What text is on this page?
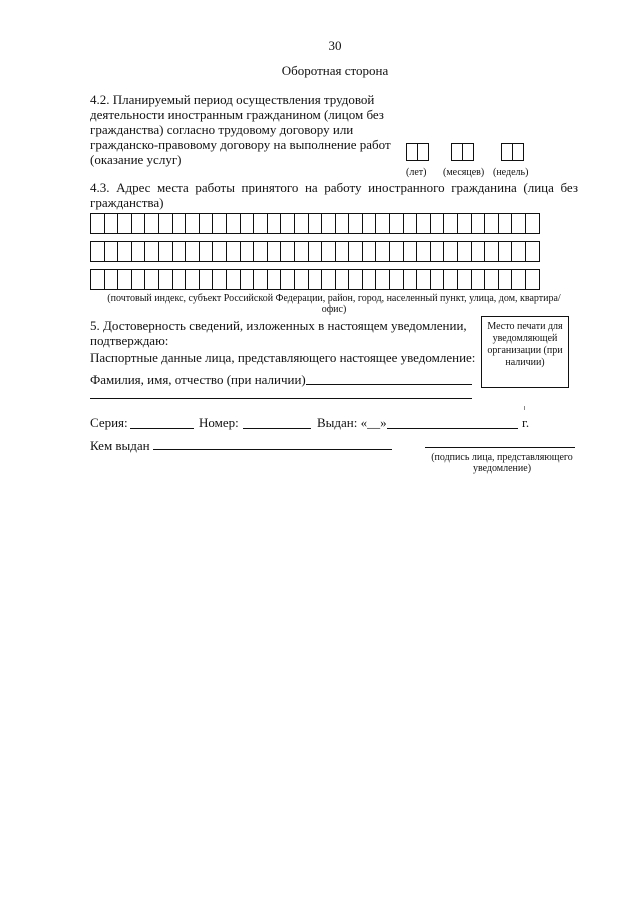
30
Оборотная сторона
4.2. Планируемый период осуществления трудовой деятельности иностранным гражданином (лицом без гражданства) согласно трудовому договору или гражданско-правовому договору на выполнение работ (оказание услуг)
(лет) (месяцев) (недель)
4.3. Адрес места работы принятого на работу иностранного гражданина (лица без гражданства)
(почтовый индекс, субъект Российской Федерации, район, город, населенный пункт, улица, дом, квартира/офис)
5. Достоверность сведений, изложенных в настоящем уведомлении, подтверждаю:
Место печати для уведомляющей организации (при наличии)
Паспортные данные лица, представляющего настоящее уведомление:
Фамилия, имя, отчество (при наличии)
Серия:	Номер:	Выдан: «__»	г.
Кем выдан
(подпись лица, представляющего уведомление)
